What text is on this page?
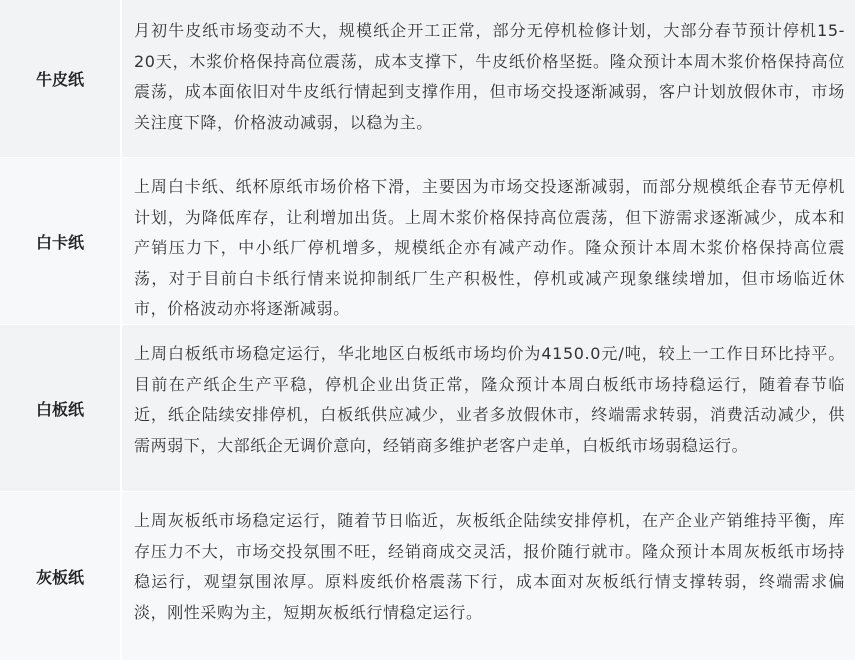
牛皮纸
月初牛皮纸市场变动不大，规模纸企开工正常，部分无停机检修计划，大部分春节预计停机15-20天，木浆价格保持高位震荡，成本支撑下，牛皮纸价格坚挺。隆众预计本周木浆价格保持高位震荡，成本面依旧对牛皮纸行情起到支撑作用，但市场交投逐渐减弱，客户计划放假休市，市场关注度下降，价格波动减弱，以稳为主。
白卡纸
上周白卡纸、纸杯原纸市场价格下滑，主要因为市场交投逐渐减弱，而部分规模纸企春节无停机计划，为降低库存，让利增加出货。上周木浆价格保持高位震荡，但下游需求逐渐减少，成本和产销压力下，中小纸厂停机增多，规模纸企亦有减产动作。隆众预计本周木浆价格保持高位震荡，对于目前白卡纸行情来说抑制纸厂生产积极性，停机或减产现象继续增加，但市场临近休市，价格波动亦将逐渐减弱。
白板纸
上周白板纸市场稳定运行，华北地区白板纸市场均价为4150.0元/吨，较上一工作日环比持平。目前在产纸企生产平稳，停机企业出货正常，隆众预计本周白板纸市场持稳运行，随着春节临近，纸企陆续安排停机，白板纸供应减少，业者多放假休市，终端需求转弱，消费活动减少，供需两弱下，大部纸企无调价意向，经销商多维护老客户走单，白板纸市场弱稳运行。
灰板纸
上周灰板纸市场稳定运行，随着节日临近，灰板纸企陆续安排停机，在产企业产销维持平衡，库存压力不大，市场交投氛围不旺，经销商成交灵活，报价随行就市。隆众预计本周灰板纸市场持稳运行，观望氛围浓厚。原料废纸价格震荡下行，成本面对灰板纸行情支撑转弱，终端需求偏淡，刚性采购为主，短期灰板纸行情稳定运行。
